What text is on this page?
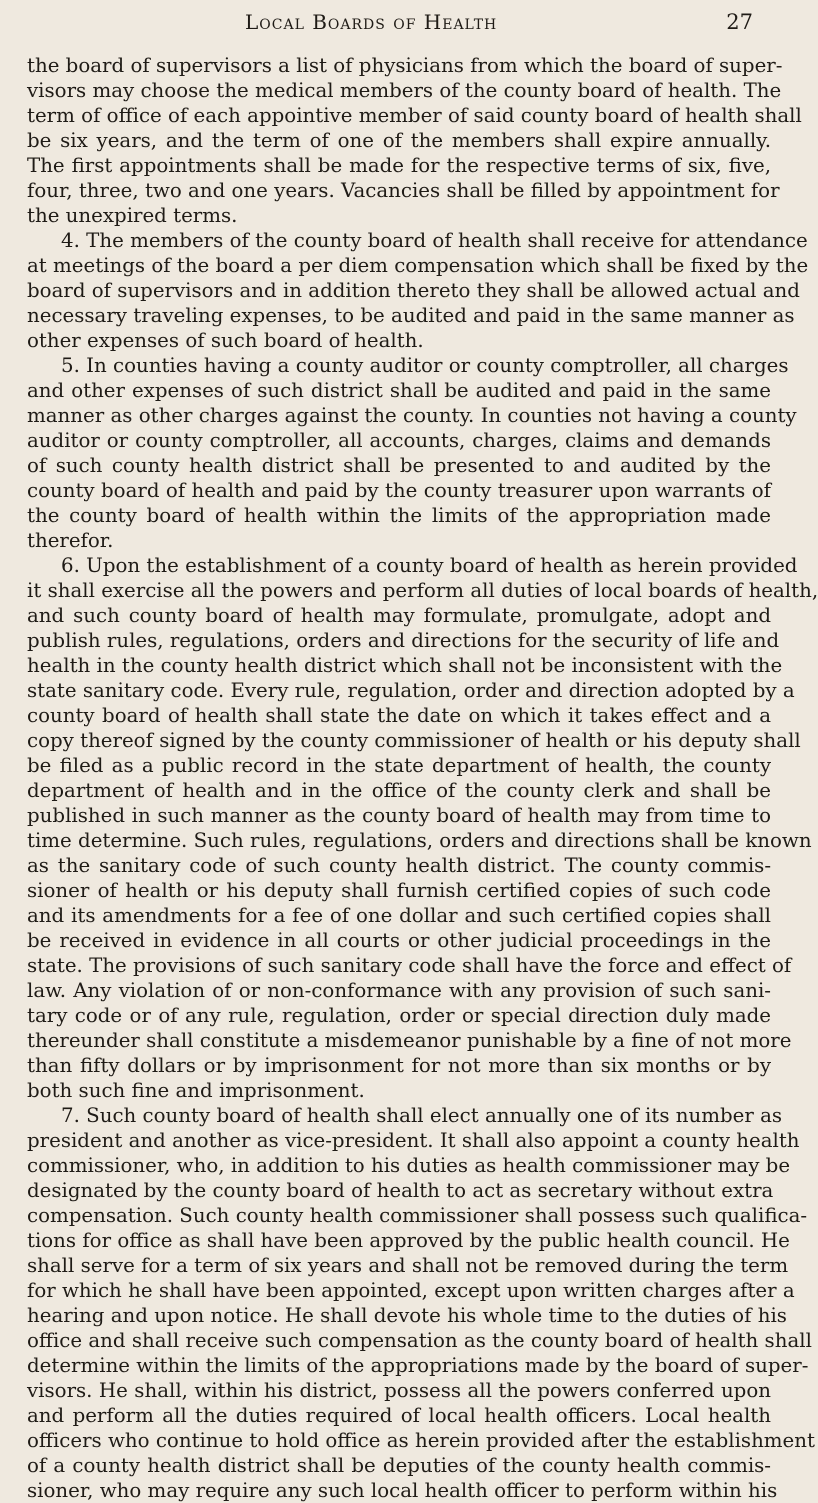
Local Boards of Health	27
the board of supervisors a list of physicians from which the board of super-
visors may choose the medical members of the county board of health. The
term of office of each appointive member of said county board of health shall
be six years, and the term of one of the members shall expire annually.
The first appointments shall be made for the respective terms of six, five,
four, three, two and one years. Vacancies shall be filled by appointment for
the unexpired terms.
4. The members of the county board of health shall receive for attendance
at meetings of the board a per diem compensation which shall be fixed by the
board of supervisors and in addition thereto they shall be allowed actual and
necessary traveling expenses, to be audited and paid in the same manner as
other expenses of such board of health.
5. In counties having a county auditor or county comptroller, all charges
and other expenses of such district shall be audited and paid in the same
manner as other charges against the county. In counties not having a county
auditor or county comptroller, all accounts, charges, claims and demands
of such county health district shall be presented to and audited by the
county board of health and paid by the county treasurer upon warrants of
the county board of health within the limits of the appropriation made
therefor.
6. Upon the establishment of a county board of health as herein provided
it shall exercise all the powers and perform all duties of local boards of health,
and such county board of health may formulate, promulgate, adopt and
publish rules, regulations, orders and directions for the security of life and
health in the county health district which shall not be inconsistent with the
state sanitary code. Every rule, regulation, order and direction adopted by a
county board of health shall state the date on which it takes effect and a
copy thereof signed by the county commissioner of health or his deputy shall
be filed as a public record in the state department of health, the county
department of health and in the office of the county clerk and shall be
published in such manner as the county board of health may from time to
time determine. Such rules, regulations, orders and directions shall be known
as the sanitary code of such county health district. The county commis-
sioner of health or his deputy shall furnish certified copies of such code
and its amendments for a fee of one dollar and such certified copies shall
be received in evidence in all courts or other judicial proceedings in the
state. The provisions of such sanitary code shall have the force and effect of
law. Any violation of or non-conformance with any provision of such sani-
tary code or of any rule, regulation, order or special direction duly made
thereunder shall constitute a misdemeanor punishable by a fine of not more
than fifty dollars or by imprisonment for not more than six months or by
both such fine and imprisonment.
7. Such county board of health shall elect annually one of its number as
president and another as vice-president. It shall also appoint a county health
commissioner, who, in addition to his duties as health commissioner may be
designated by the county board of health to act as secretary without extra
compensation. Such county health commissioner shall possess such qualifica-
tions for office as shall have been approved by the public health council. He
shall serve for a term of six years and shall not be removed during the term
for which he shall have been appointed, except upon written charges after a
hearing and upon notice. He shall devote his whole time to the duties of his
office and shall receive such compensation as the county board of health shall
determine within the limits of the appropriations made by the board of super-
visors. He shall, within his district, possess all the powers conferred upon
and perform all the duties required of local health officers. Local health
officers who continue to hold office as herein provided after the establishment
of a county health district shall be deputies of the county health commis-
sioner, who may require any such local health officer to perform within his
